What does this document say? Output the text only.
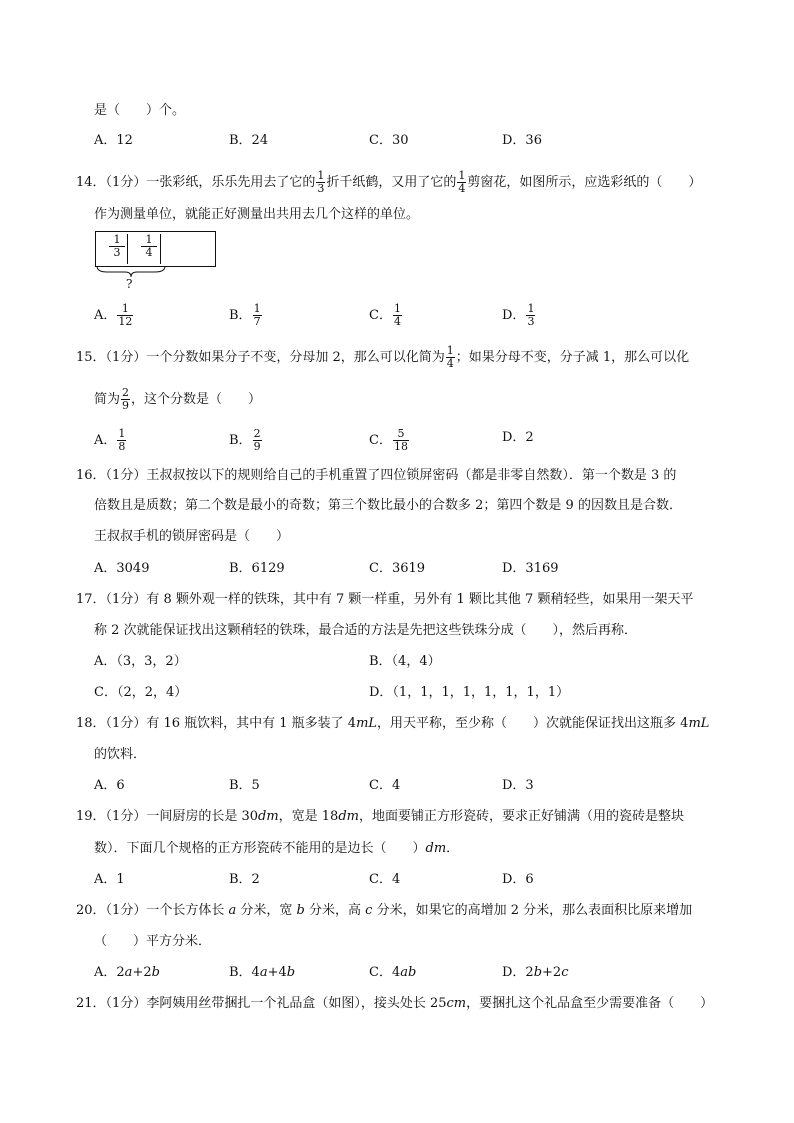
是（　　）个。
A．12	B．24	C．30	D．36
14．（1分）一张彩纸，乐乐先用去了它的 $\frac{1}{3}$ 折千纸鹤，又用了它的 $\frac{1}{4}$ 剪窗花，如图所示，应选彩纸的（　　）
作为测量单位，就能正好测量出共用去几个这样的单位。
1
3
1
4
?
A． $\frac{1}{12}$	B． $\frac{1}{7}$	C． $\frac{1}{4}$	D． $\frac{1}{3}$
15．（1分）一个分数如果分子不变，分母加 2，那么可以化简为 $\frac{1}{4}$ ；如果分母不变，分子减 1，那么可以化
简为 $\frac{2}{9}$ ，这个分数是（　　）
A． $\frac{1}{8}$	B． $\frac{2}{9}$	C． $\frac{5}{18}$	D．2
16．（1分）王叔叔按以下的规则给自己的手机重置了四位锁屏密码（都是非零自然数）．第一个数是 3 的
倍数且是质数；第二个数是最小的奇数；第三个数比最小的合数多 2；第四个数是 9 的因数且是合数．
王叔叔手机的锁屏密码是（　　）
A．3049	B．6129	C．3619	D．3169
17．（1分）有 8 颗外观一样的铁珠，其中有 7 颗一样重，另外有 1 颗比其他 7 颗稍轻些，如果用一架天平
称 2 次就能保证找出这颗稍轻的铁珠，最合适的方法是先把这些铁珠分成（　　），然后再称．
A．（3，3，2）	B．（4，4）
C．（2，2，4）	D．（1，1，1，1，1，1，1，1）
18．（1分）有 16 瓶饮料，其中有 1 瓶多装了 4mL，用天平称，至少称（　　）次就能保证找出这瓶多 4mL
的饮料．
A．6	B．5	C．4	D．3
19．（1分）一间厨房的长是 30dm，宽是 18dm，地面要铺正方形瓷砖，要求正好铺满（用的瓷砖是整块
数）．下面几个规格的正方形瓷砖不能用的是边长（　　）dm．
A．1	B．2	C．4	D．6
20．（1分）一个长方体长 a 分米，宽 b 分米，高 c 分米，如果它的高增加 2 分米，那么表面积比原来增加
（　　）平方分米．
A．2a+2b	B．4a+4b	C．4ab	D．2b+2c
21．（1分）李阿姨用丝带捆扎一个礼品盒（如图），接头处长 25cm，要捆扎这个礼品盒至少需要准备（　　）
